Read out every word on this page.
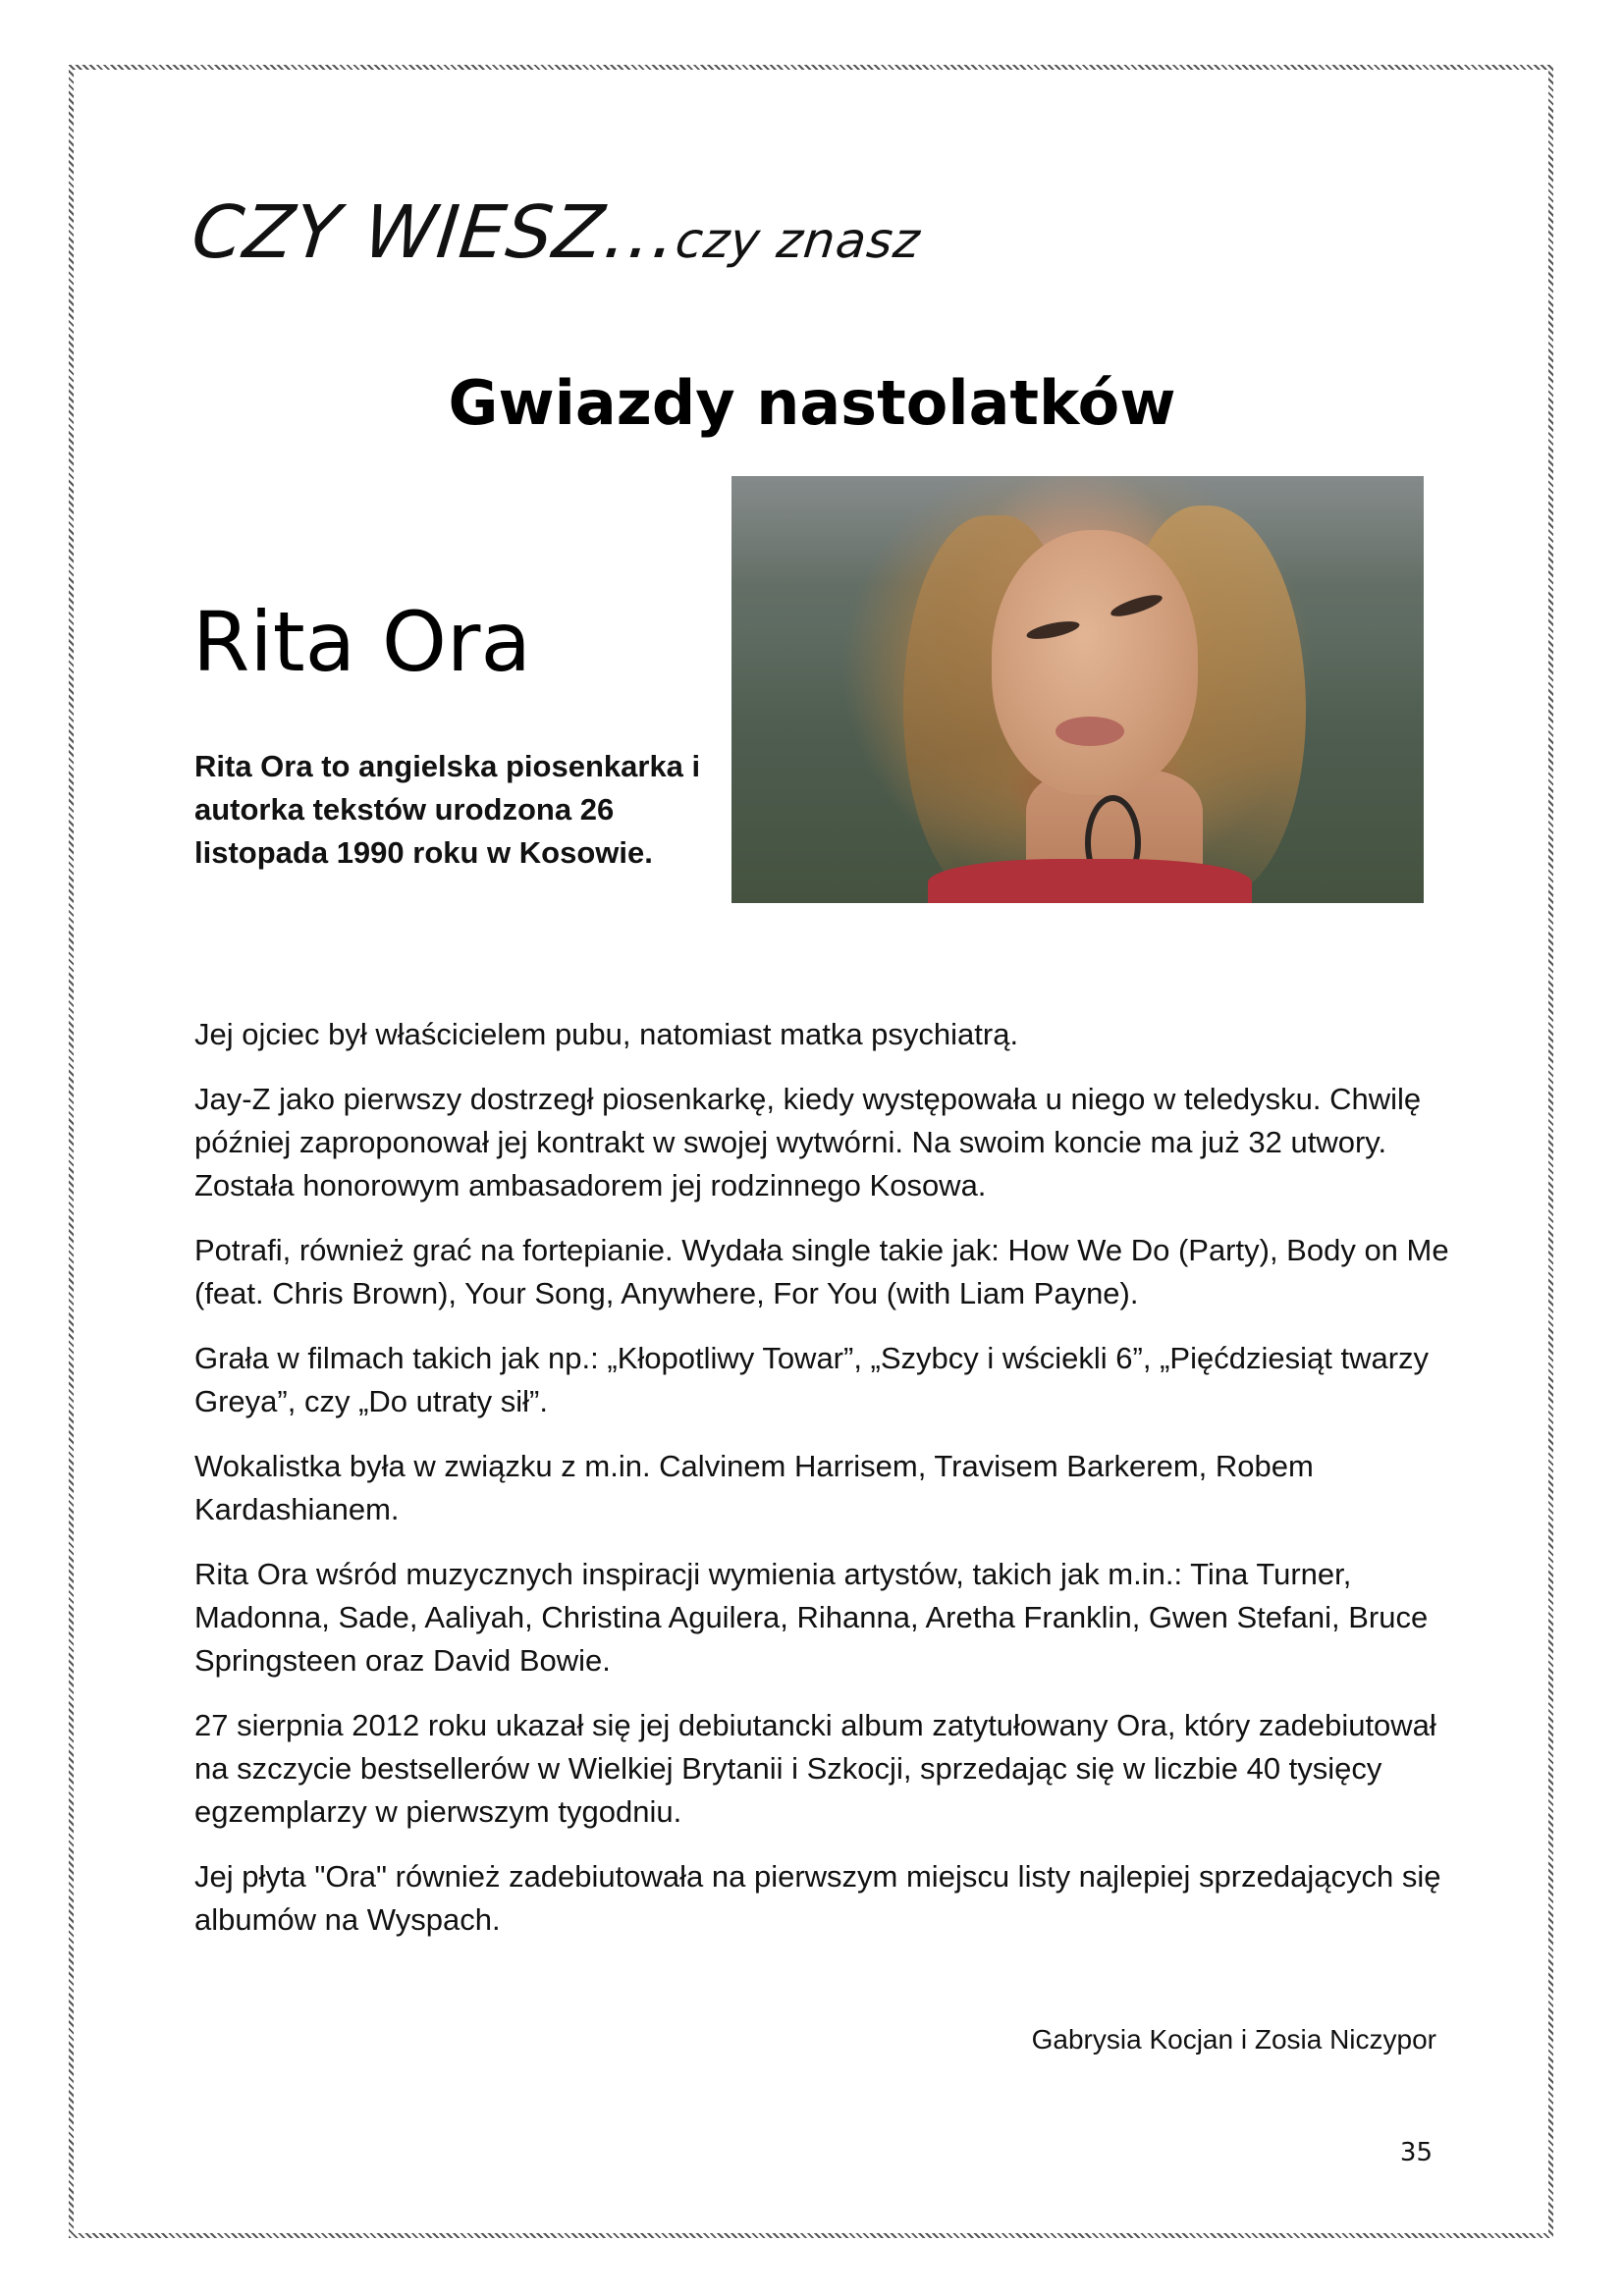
CZY WIESZ...czy znasz
Gwiazdy nastolatków
Rita Ora

Rita Ora to angielska piosenkarka i autorka tekstów urodzona 26 listopada 1990 roku w Kosowie.

Jej ojciec był właścicielem pubu, natomiast matka psychiatrą.

Jay-Z jako pierwszy dostrzegł piosenkarkę, kiedy występowała u niego w teledysku. Chwilę później zaproponował jej kontrakt w swojej wytwórni. Na swoim koncie ma już 32 utwory. Została honorowym ambasadorem jej rodzinnego Kosowa.

Potrafi, również grać na fortepianie. Wydała single takie jak: How We Do (Party), Body on Me (feat. Chris Brown), Your Song, Anywhere, For You (with Liam Payne).

Grała w filmach takich jak np.: „Kłopotliwy Towar”, „Szybcy i wściekli 6”, „Pięćdziesiąt twarzy Greya”, czy „Do utraty sił”.

Wokalistka była w związku z m.in. Calvinem Harrisem, Travisem Barkerem, Robem Kardashianem.

Rita Ora wśród muzycznych inspiracji wymienia artystów, takich jak m.in.: Tina Turner, Madonna, Sade, Aaliyah, Christina Aguilera, Rihanna, Aretha Franklin, Gwen Stefani, Bruce Springsteen oraz David Bowie.

27 sierpnia 2012 roku ukazał się jej debiutancki album zatytułowany Ora, który zadebiutował na szczycie bestsellerów w Wielkiej Brytanii i Szkocji, sprzedając się w liczbie 40 tysięcy egzemplarzy w pierwszym tygodniu.

Jej płyta "Ora" również zadebiutowała na pierwszym miejscu listy najlepiej sprzedających się albumów na Wyspach.

Gabrysia Kocjan i Zosia Niczypor

35
